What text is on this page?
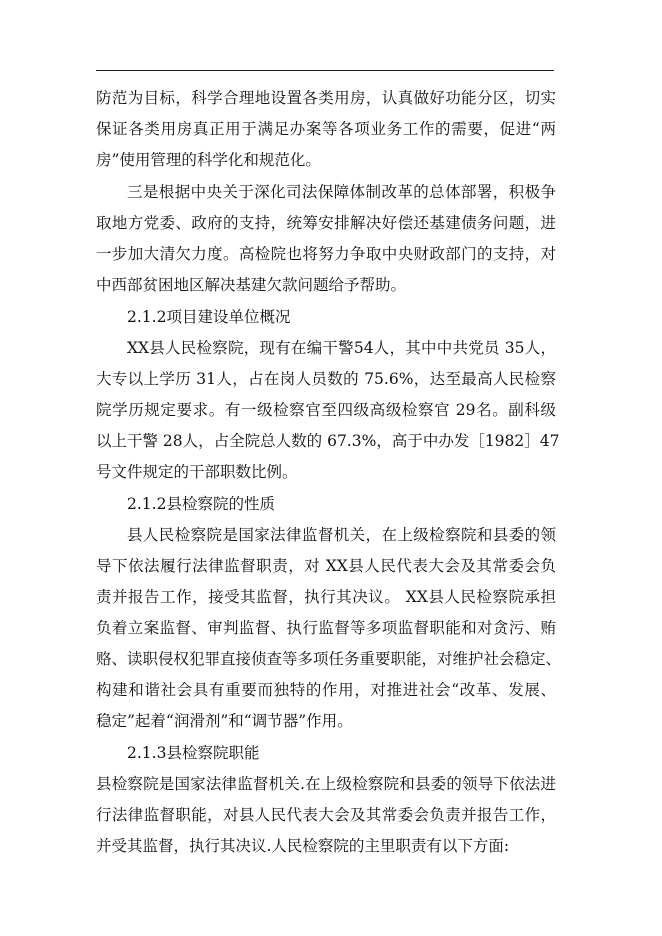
防范为目标，科学合理地设置各类用房，认真做好功能分区，切实
保证各类用房真正用于满足办案等各项业务工作的需要，促进“两
房”使用管理的科学化和规范化。
三是根据中央关于深化司法保障体制改革的总体部署，积极争
取地方党委、政府的支持，统筹安排解决好偿还基建债务问题，进
一步加大清欠力度。高检院也将努力争取中央财政部门的支持，对
中西部贫困地区解决基建欠款问题给予帮助。
2.1.2项目建设单位概况
XX县人民检察院，现有在编干警54人，其中中共党员 35人，
大专以上学历 31人，占在岗人员数的 75.6%，达至最高人民检察
院学历规定要求。有一级检察官至四级高级检察官 29名。副科级
以上干警 28人，占全院总人数的 67.3%，高于中办发［1982］47
号文件规定的干部职数比例。
2.1.2县检察院的性质
县人民检察院是国家法律监督机关，在上级检察院和县委的领
导下依法履行法律监督职责，对 XX县人民代表大会及其常委会负
责并报告工作，接受其监督，执行其决议。 XX县人民检察院承担
负着立案监督、审判监督、执行监督等多项监督职能和对贪污、贿
赂、读职侵权犯罪直接侦查等多项任务重要职能，对维护社会稳定、
构建和谐社会具有重要而独特的作用，对推进社会“改革、发展、
稳定”起着“润滑剂”和“调节器”作用。
2.1.3县检察院职能
县检察院是国家法律监督机关.在上级检察院和县委的领导下依法进
行法律监督职能，对县人民代表大会及其常委会负责并报告工作，
并受其监督，执行其决议.人民检察院的主里职责有以下方面:
